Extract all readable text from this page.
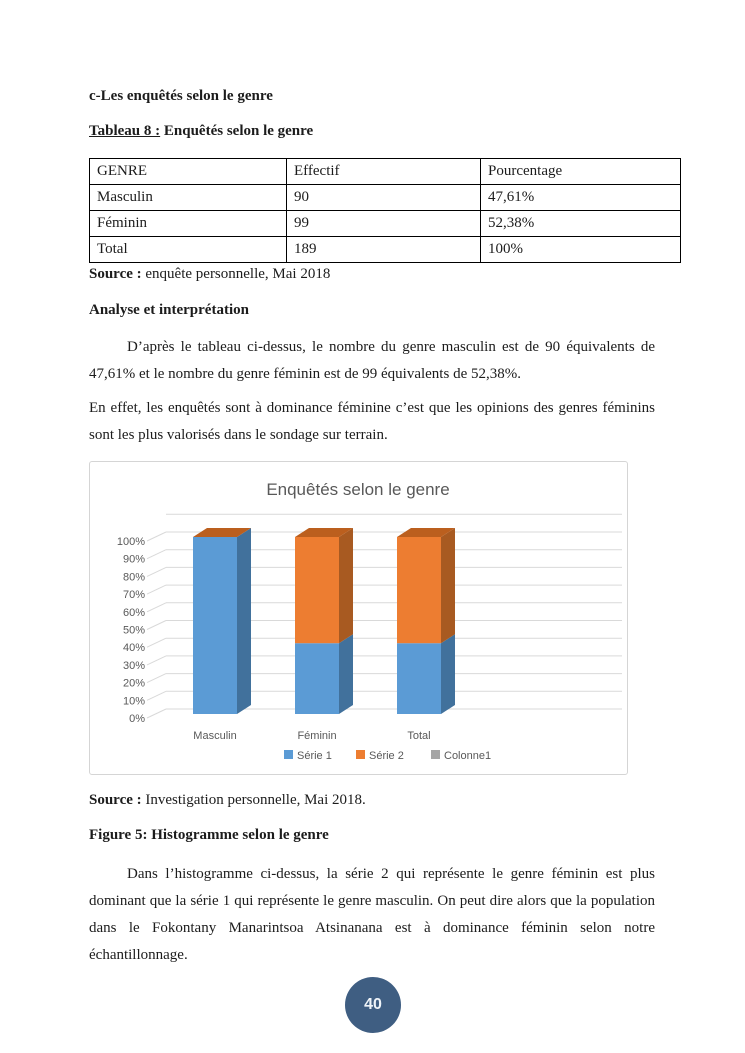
c-Les enquêtés selon le genre
Tableau 8 : Enquêtés selon le genre
GENRE	Effectif	Pourcentage
Masculin	90	47,61%
Féminin	99	52,38%
Total	189	100%
Source : enquête personnelle, Mai 2018
Analyse et interprétation

D’après le tableau ci-dessus, le nombre du genre masculin est de 90 équivalents de 47,61% et le nombre du genre féminin est de 99 équivalents de 52,38%.

En effet, les enquêtés sont à dominance féminine c’est que les opinions des genres féminins sont les plus valorisés dans le sondage sur terrain.

Enquêtés selon le genre
0%
10%
20%
30%
40%
50%
60%
70%
80%
90%
100%
Masculin	Féminin	Total
Série 1	Série 2	Colonne1
Source : Investigation personnelle, Mai 2018.
Figure 5: Histogramme selon le genre

Dans l’histogramme ci-dessus, la série 2 qui représente le genre féminin est plus dominant que la série 1 qui représente le genre masculin. On peut dire alors que la population dans le Fokontany Manarintsoa Atsinanana est à dominance féminin selon notre échantillonnage.

40
